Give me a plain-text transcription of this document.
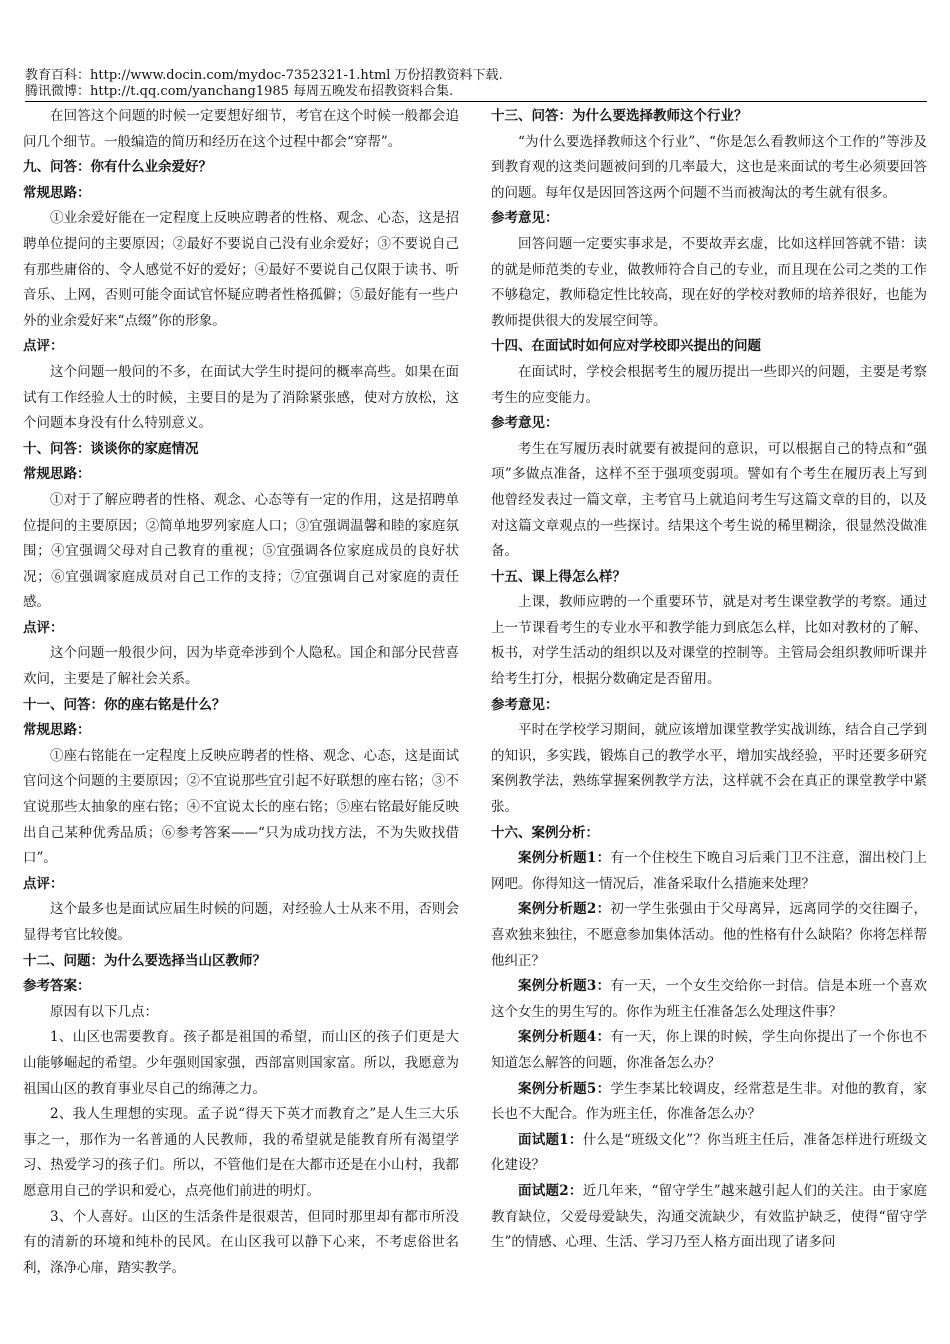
教育百科：http://www.docin.com/mydoc-7352321-1.html 万份招教资料下载.
腾讯微博：http://t.qq.com/yanchang1985 每周五晚发布招教资料合集.

在回答这个问题的时候一定要想好细节，考官在这个时候一般都会追问几个细节。一般编造的简历和经历在这个过程中都会“穿帮”。

九、问答：你有什么业余爱好？

常规思路：

①业余爱好能在一定程度上反映应聘者的性格、观念、心态，这是招聘单位提问的主要原因；②最好不要说自己没有业余爱好；③不要说自己有那些庸俗的、令人感觉不好的爱好；④最好不要说自己仅限于读书、听音乐、上网，否则可能令面试官怀疑应聘者性格孤僻；⑤最好能有一些户外的业余爱好来“点缀”你的形象。

点评：

这个问题一般问的不多，在面试大学生时提问的概率高些。如果在面试有工作经验人士的时候，主要目的是为了消除紧张感，使对方放松，这个问题本身没有什么特别意义。

十、问答：谈谈你的家庭情况

常规思路：

①对于了解应聘者的性格、观念、心态等有一定的作用，这是招聘单位提问的主要原因；②简单地罗列家庭人口；③宜强调温馨和睦的家庭氛围；④宜强调父母对自己教育的重视；⑤宜强调各位家庭成员的良好状况；⑥宜强调家庭成员对自己工作的支持；⑦宜强调自己对家庭的责任感。

点评：

这个问题一般很少问，因为毕竟牵涉到个人隐私。国企和部分民营喜欢问，主要是了解社会关系。

十一、问答：你的座右铭是什么？

常规思路：

①座右铭能在一定程度上反映应聘者的性格、观念、心态，这是面试官问这个问题的主要原因；②不宜说那些宜引起不好联想的座右铭；③不宜说那些太抽象的座右铭；④不宜说太长的座右铭；⑤座右铭最好能反映出自己某种优秀品质；⑥参考答案——“只为成功找方法，不为失败找借口”。

点评：

这个最多也是面试应届生时候的问题，对经验人士从来不用，否则会显得考官比较傻。

十二、问题：为什么要选择当山区教师？

参考答案：

原因有以下几点：

1、山区也需要教育。孩子都是祖国的希望，而山区的孩子们更是大山能够崛起的希望。少年强则国家强，西部富则国家富。所以，我愿意为祖国山区的教育事业尽自己的绵薄之力。

2、我人生理想的实现。孟子说“得天下英才而教育之”是人生三大乐事之一，那作为一名普通的人民教师，我的希望就是能教育所有渴望学习、热爱学习的孩子们。所以，不管他们是在大都市还是在小山村，我都愿意用自己的学识和爱心，点亮他们前进的明灯。

3、个人喜好。山区的生活条件是很艰苦，但同时那里却有都市所没有的清新的环境和纯朴的民风。在山区我可以静下心来，不考虑俗世名利，涤净心扉，踏实教学。

十三、问答：为什么要选择教师这个行业？

“为什么要选择教师这个行业”、“你是怎么看教师这个工作的”等涉及到教育观的这类问题被问到的几率最大，这也是来面试的考生必须要回答的问题。每年仅是因回答这两个问题不当而被淘汰的考生就有很多。

参考意见：

回答问题一定要实事求是，不要故弄玄虚，比如这样回答就不错：读的就是师范类的专业，做教师符合自己的专业，而且现在公司之类的工作不够稳定，教师稳定性比较高，现在好的学校对教师的培养很好，也能为教师提供很大的发展空间等。

十四、在面试时如何应对学校即兴提出的问题

在面试时，学校会根据考生的履历提出一些即兴的问题，主要是考察考生的应变能力。

参考意见：

考生在写履历表时就要有被提问的意识，可以根据自己的特点和“强项”多做点准备，这样不至于强项变弱项。譬如有个考生在履历表上写到他曾经发表过一篇文章，主考官马上就追问考生写这篇文章的目的，以及对这篇文章观点的一些探讨。结果这个考生说的稀里糊涂，很显然没做准备。

十五、课上得怎么样？

上课，教师应聘的一个重要环节，就是对考生课堂教学的考察。通过上一节课看考生的专业水平和教学能力到底怎么样，比如对教材的了解、板书，对学生活动的组织以及对课堂的控制等。主管局会组织教师听课并给考生打分，根据分数确定是否留用。

参考意见：

平时在学校学习期间，就应该增加课堂教学实战训练，结合自己学到的知识，多实践，锻炼自己的教学水平，增加实战经验，平时还要多研究案例教学法，熟练掌握案例教学方法，这样就不会在真正的课堂教学中紧张。

十六、案例分析：

案例分析题1：有一个住校生下晚自习后乘门卫不注意，溜出校门上网吧。你得知这一情况后，准备采取什么措施来处理？

案例分析题2：初一学生张强由于父母离异，远离同学的交往圈子，喜欢独来独往，不愿意参加集体活动。他的性格有什么缺陷？你将怎样帮他纠正？

案例分析题3：有一天，一个女生交给你一封信。信是本班一个喜欢这个女生的男生写的。你作为班主任准备怎么处理这件事？

案例分析题4：有一天，你上课的时候，学生向你提出了一个你也不知道怎么解答的问题，你准备怎么办？

案例分析题5：学生李某比较调皮，经常惹是生非。对他的教育，家长也不大配合。作为班主任，你准备怎么办？

面试题1：什么是“班级文化”？你当班主任后，准备怎样进行班级文化建设？

面试题2：近几年来，“留守学生”越来越引起人们的关注。由于家庭教育缺位，父爱母爱缺失，沟通交流缺少，有效监护缺乏，使得“留守学生”的情感、心理、生活、学习乃至人格方面出现了诸多问
